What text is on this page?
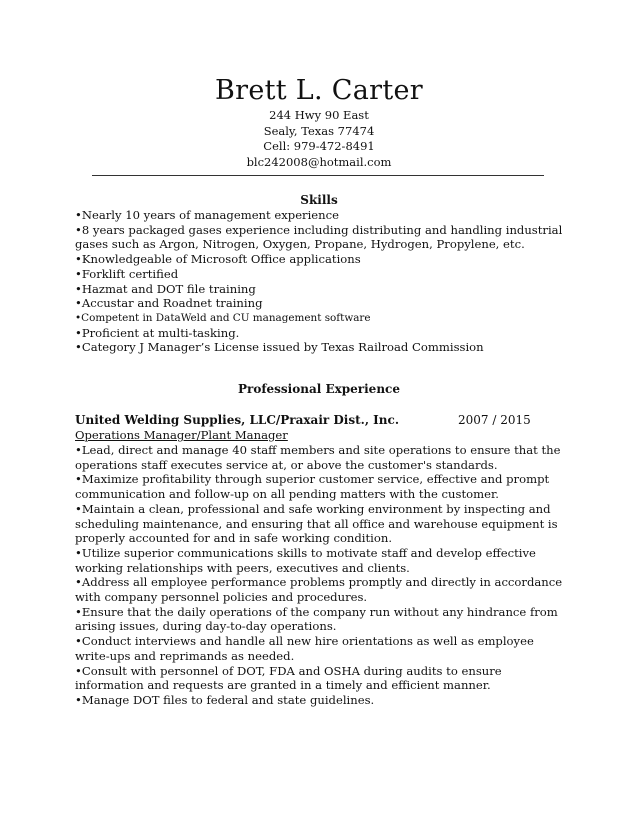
Brett L. Carter
244 Hwy 90 East
Sealy, Texas 77474
Cell: 979-472-8491
blc242008@hotmail.com
Skills
•Nearly 10 years of management experience
•8 years packaged gases experience including distributing and handling industrial gases such as Argon, Nitrogen, Oxygen, Propane, Hydrogen, Propylene, etc.
•Knowledgeable of Microsoft Office applications
•Forklift certified
•Hazmat and DOT file training
•Accustar and Roadnet training
•Competent in DataWeld and CU management software
•Proficient at multi-tasking.
•Category J Manager’s License issued by Texas Railroad Commission
Professional Experience
United Welding Supplies, LLC/Praxair Dist., Inc.	2007 / 2015
Operations Manager/Plant Manager
•Lead, direct and manage 40 staff members and site operations to ensure that the operations staff executes service at, or above the customer's standards.
•Maximize profitability through superior customer service, effective and prompt communication and follow-up on all pending matters with the customer.
•Maintain a clean, professional and safe working environment by inspecting and scheduling maintenance, and ensuring that all office and warehouse equipment is properly accounted for and in safe working condition.
•Utilize superior communications skills to motivate staff and develop effective working relationships with peers, executives and clients.
•Address all employee performance problems promptly and directly in accordance with company personnel policies and procedures.
•Ensure that the daily operations of the company run without any hindrance from arising issues, during day-to-day operations.
•Conduct interviews and handle all new hire orientations as well as employee write-ups and reprimands as needed.
•Consult with personnel of DOT, FDA and OSHA during audits to ensure information and requests are granted in a timely and efficient manner.
•Manage DOT files to federal and state guidelines.
